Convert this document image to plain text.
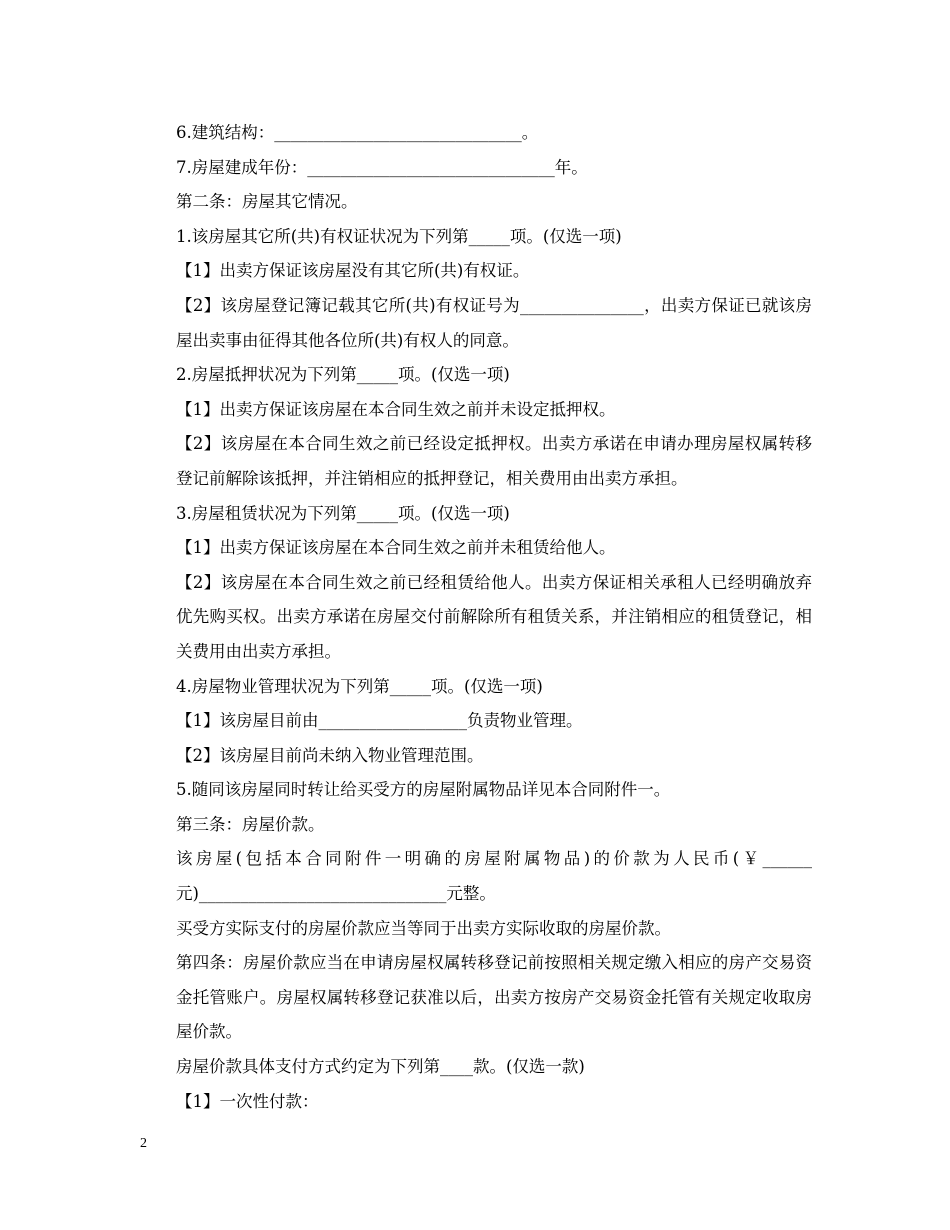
6.建筑结构：______________________________。

7.房屋建成年份：______________________________年。

第二条：房屋其它情况。

1.该房屋其它所(共)有权证状况为下列第_____项。(仅选一项)

【1】出卖方保证该房屋没有其它所(共)有权证。

【2】该房屋登记簿记载其它所(共)有权证号为_______________，出卖方保证已就该房屋出卖事由征得其他各位所(共)有权人的同意。

2.房屋抵押状况为下列第_____项。(仅选一项)

【1】出卖方保证该房屋在本合同生效之前并未设定抵押权。

【2】该房屋在本合同生效之前已经设定抵押权。出卖方承诺在申请办理房屋权属转移登记前解除该抵押，并注销相应的抵押登记，相关费用由出卖方承担。

3.房屋租赁状况为下列第_____项。(仅选一项)

【1】出卖方保证该房屋在本合同生效之前并未租赁给他人。

【2】该房屋在本合同生效之前已经租赁给他人。出卖方保证相关承租人已经明确放弃优先购买权。出卖方承诺在房屋交付前解除所有租赁关系，并注销相应的租赁登记，相关费用由出卖方承担。

4.房屋物业管理状况为下列第_____项。(仅选一项)

【1】该房屋目前由__________________负责物业管理。

【2】该房屋目前尚未纳入物业管理范围。

5.随同该房屋同时转让给买受方的房屋附属物品详见本合同附件一。

第三条：房屋价款。

该房屋(包括本合同附件一明确的房屋附属物品)的价款为人民币(￥______元)______________________________元整。

买受方实际支付的房屋价款应当等同于出卖方实际收取的房屋价款。

第四条：房屋价款应当在申请房屋权属转移登记前按照相关规定缴入相应的房产交易资金托管账户。房屋权属转移登记获准以后，出卖方按房产交易资金托管有关规定收取房屋价款。

房屋价款具体支付方式约定为下列第____款。(仅选一款)

【1】一次性付款：

2
